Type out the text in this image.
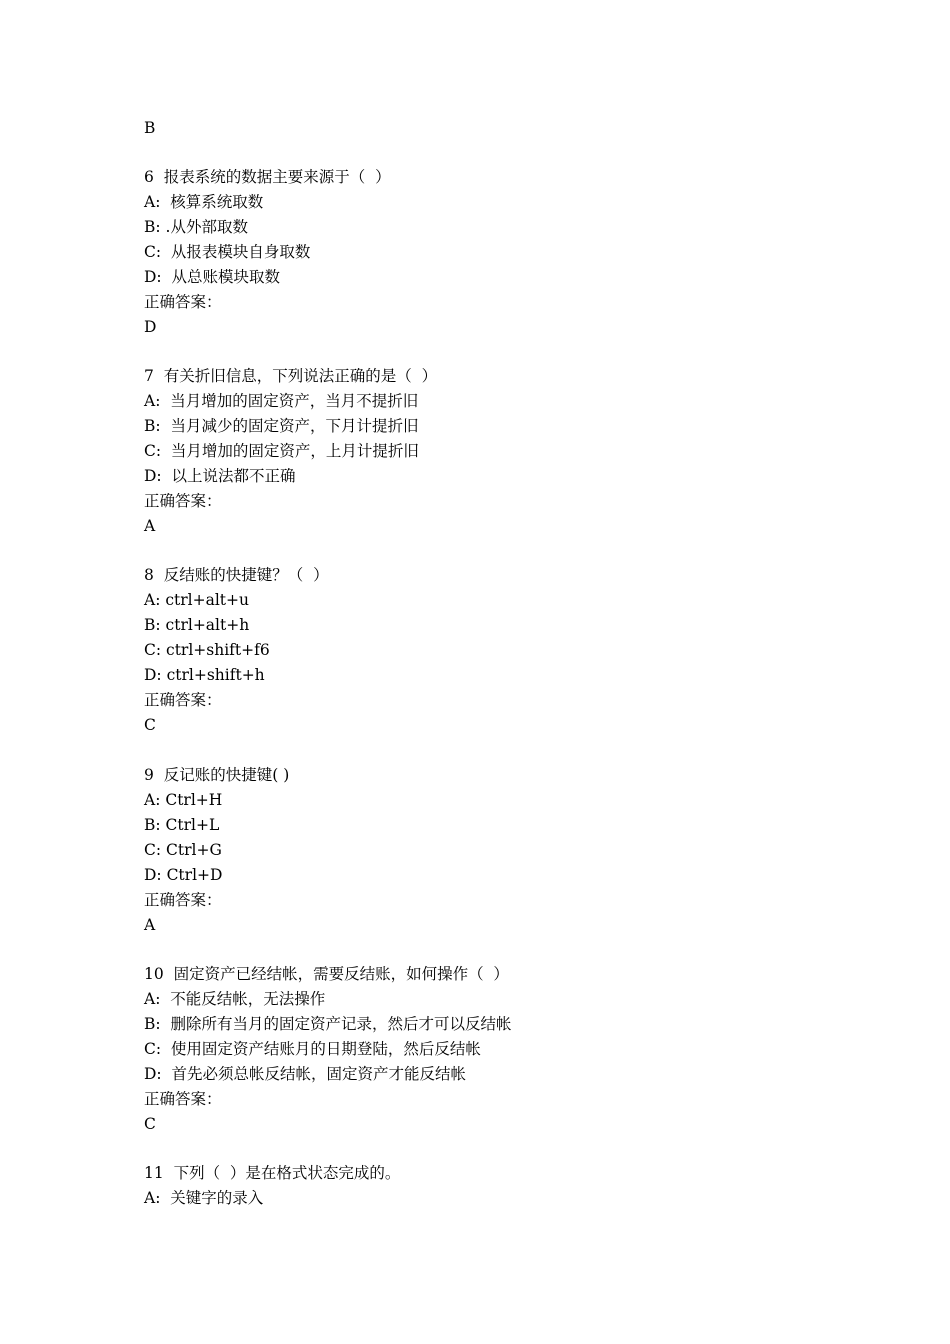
B
6  报表系统的数据主要来源于（  ）
A:  核算系统取数
B: .从外部取数
C:  从报表模块自身取数
D:  从总账模块取数
正确答案：
D
7  有关折旧信息，下列说法正确的是（  ）
A:  当月增加的固定资产，当月不提折旧
B:  当月减少的固定资产，下月计提折旧
C:  当月增加的固定资产，上月计提折旧
D:  以上说法都不正确
正确答案：
A
8  反结账的快捷键？（  ）
A: ctrl+alt+u
B: ctrl+alt+h
C: ctrl+shift+f6
D: ctrl+shift+h
正确答案：
C
9  反记账的快捷键( )
A: Ctrl+H
B: Ctrl+L
C: Ctrl+G
D: Ctrl+D
正确答案：
A
10  固定资产已经结帐，需要反结账，如何操作（  ）
A:  不能反结帐，无法操作
B:  删除所有当月的固定资产记录，然后才可以反结帐
C:  使用固定资产结账月的日期登陆，然后反结帐
D:  首先必须总帐反结帐，固定资产才能反结帐
正确答案：
C
11  下列（  ）是在格式状态完成的。
A:  关键字的录入
